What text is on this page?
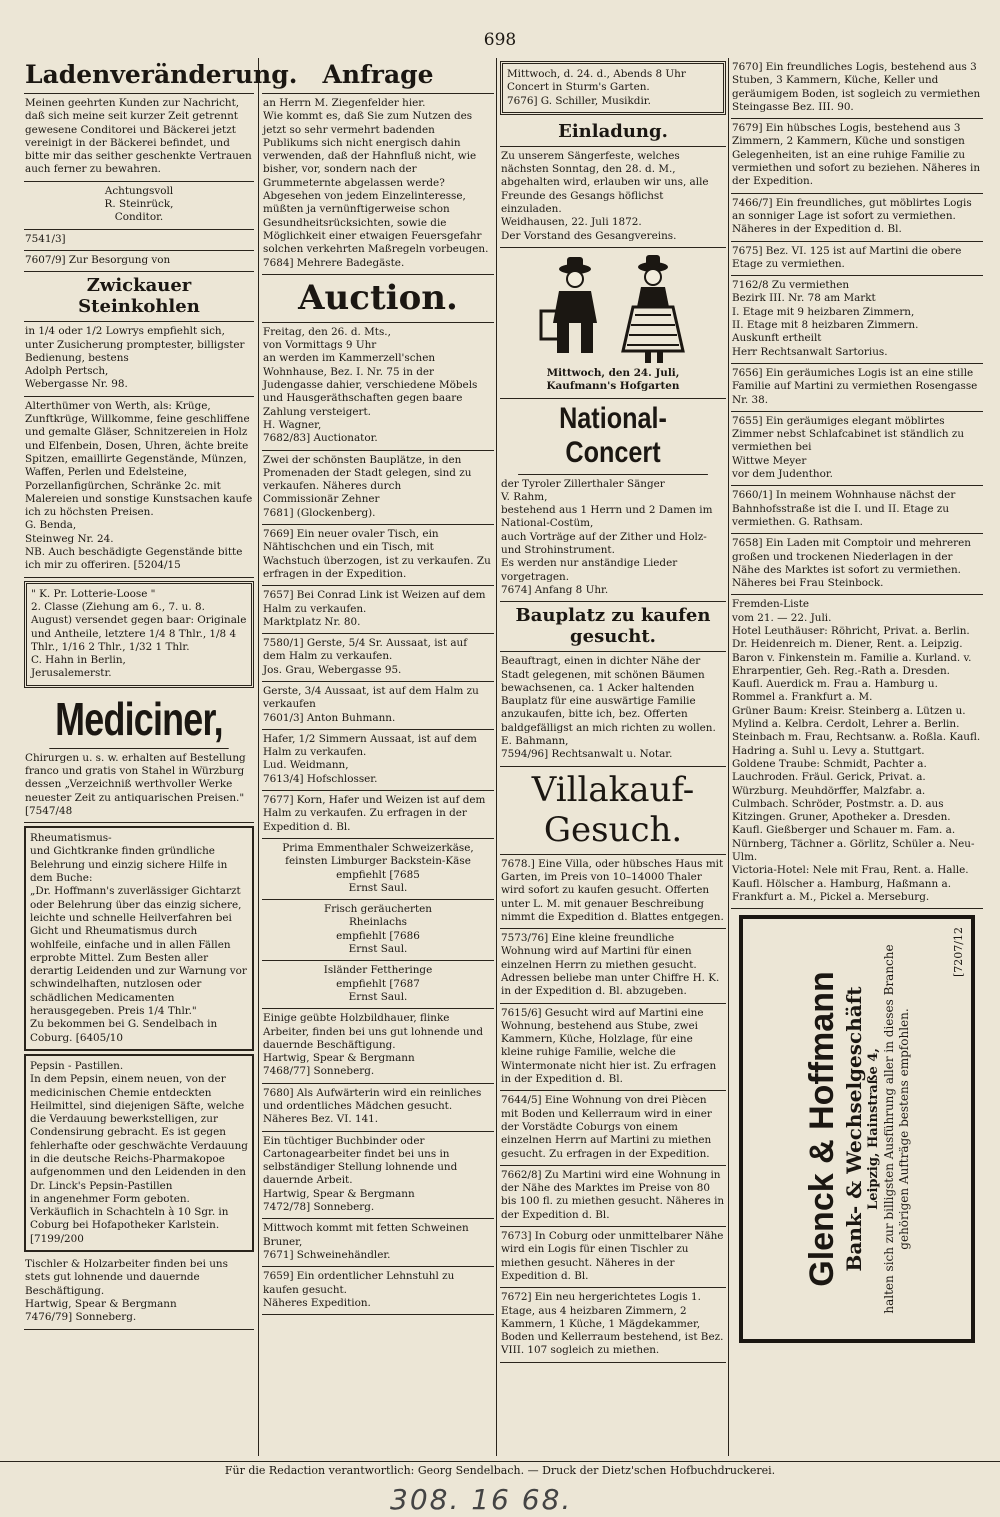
698

Ladenveränderung.

Meinen geehrten Kunden zur Nachricht, daß sich meine seit kurzer Zeit getrennt gewesene Conditorei und Bäckerei jetzt vereinigt in der Bäckerei befindet, und bitte mir das seither geschenkte Vertrauen auch ferner zu bewahren.

Achtungsvoll

R. Steinrück,

Conditor.

7541/3]

7607/9] Zur Besorgung von

Zwickauer Steinkohlen

in 1/4 oder 1/2 Lowrys empfiehlt sich, unter Zusicherung promptester, billigster Bedienung, bestens

Adolph Pertsch,

Webergasse Nr. 98.

Alterthümer von Werth, als: Krüge, Zunftkrüge, Willkomme, feine geschliffene und gemalte Gläser, Schnitzereien in Holz und Elfenbein, Dosen, Uhren, ächte breite Spitzen, emaillirte Gegenstände, Münzen, Waffen, Perlen und Edelsteine, Porzellanfigürchen, Schränke 2c. mit Malereien und sonstige Kunstsachen kaufe ich zu höchsten Preisen.

G. Benda,

Steinweg Nr. 24.

NB. Auch beschädigte Gegenstände bitte ich mir zu offeriren. [5204/15

" K. Pr. Lotterie-Loose "

2. Classe (Ziehung am 6., 7. u. 8. August) versendet gegen baar: Originale und Antheile, letztere 1/4 8 Thlr., 1/8 4 Thlr., 1/16 2 Thlr., 1/32 1 Thlr.

C. Hahn in Berlin,

Jerusalemerstr.

Mediciner,

Chirurgen u. s. w. erhalten auf Bestellung franco und gratis von Stahel in Würzburg dessen „Verzeichniß werthvoller Werke neuester Zeit zu antiquarischen Preisen." [7547/48

Rheumatismus-

und Gichtkranke finden gründliche Belehrung und einzig sichere Hilfe in dem Buche:

„Dr. Hoffmann's zuverlässiger Gichtarzt oder Belehrung über das einzig sichere, leichte und schnelle Heilverfahren bei Gicht und Rheumatismus durch wohlfeile, einfache und in allen Fällen erprobte Mittel. Zum Besten aller derartig Leidenden und zur Warnung vor schwindelhaften, nutzlosen oder schädlichen Medicamenten herausgegeben. Preis 1/4 Thlr."

Zu bekommen bei G. Sendelbach in Coburg. [6405/10

Pepsin - Pastillen.

In dem Pepsin, einem neuen, von der medicinischen Chemie entdeckten Heilmittel, sind diejenigen Säfte, welche die Verdauung bewerkstelligen, zur Condensirung gebracht. Es ist gegen fehlerhafte oder geschwächte Verdauung in die deutsche Reichs-Pharmakopoe aufgenommen und den Leidenden in den

Dr. Linck's Pepsin-Pastillen

in angenehmer Form geboten. Verkäuflich in Schachteln à 10 Sgr. in Coburg bei Hofapotheker Karlstein. [7199/200

Tischler & Holzarbeiter finden bei uns stets gut lohnende und dauernde Beschäftigung.

Hartwig, Spear & Bergmann

7476/79] Sonneberg.

Anfrage

an Herrn M. Ziegenfelder hier.

Wie kommt es, daß Sie zum Nutzen des jetzt so sehr vermehrt badenden Publikums sich nicht energisch dahin verwenden, daß der Hahnfluß nicht, wie bisher, vor, sondern nach der Grummeternte abgelassen werde?

Abgesehen von jedem Einzelinteresse, müßten ja vernünftigerweise schon Gesundheitsrücksichten, sowie die Möglichkeit einer etwaigen Feuersgefahr solchen verkehrten Maßregeln vorbeugen.

7684] Mehrere Badegäste.

Auction.

Freitag, den 26. d. Mts.,

von Vormittags 9 Uhr

an werden im Kammerzell'schen Wohnhause, Bez. I. Nr. 75 in der Judengasse dahier, verschiedene Möbels und Hausgeräthschaften gegen baare Zahlung versteigert.

H. Wagner,

7682/83] Auctionator.

Zwei der schönsten Bauplätze, in den Promenaden der Stadt gelegen, sind zu verkaufen. Näheres durch

Commissionär Zehner

7681] (Glockenberg).

7669] Ein neuer ovaler Tisch, ein Nähtischchen und ein Tisch, mit Wachstuch überzogen, ist zu verkaufen. Zu erfragen in der Expedition.

7657] Bei Conrad Link ist Weizen auf dem Halm zu verkaufen.

Marktplatz Nr. 80.

7580/1] Gerste, 5/4 Sr. Aussaat, ist auf dem Halm zu verkaufen.

Jos. Grau, Webergasse 95.

Gerste, 3/4 Aussaat, ist auf dem Halm zu verkaufen

7601/3] Anton Buhmann.

Hafer, 1/2 Simmern Aussaat, ist auf dem Halm zu verkaufen.

Lud. Weidmann,

7613/4] Hofschlosser.

7677] Korn, Hafer und Weizen ist auf dem Halm zu verkaufen. Zu erfragen in der Expedition d. Bl.

Prima Emmenthaler Schweizerkäse, feinsten Limburger Backstein-Käse

empfiehlt [7685

Ernst Saul.

Frisch geräucherten

Rheinlachs

empfiehlt [7686

Ernst Saul.

Isländer Fettheringe

empfiehlt [7687

Ernst Saul.

Einige geübte Holzbildhauer, flinke Arbeiter, finden bei uns gut lohnende und dauernde Beschäftigung.

Hartwig, Spear & Bergmann

7468/77] Sonneberg.

7680] Als Aufwärterin wird ein reinliches und ordentliches Mädchen gesucht. Näheres Bez. VI. 141.

Ein tüchtiger Buchbinder oder Cartonagearbeiter findet bei uns in selbständiger Stellung lohnende und dauernde Arbeit.

Hartwig, Spear & Bergmann

7472/78] Sonneberg.

Mittwoch kommt mit fetten Schweinen Bruner,

7671] Schweinehändler.

7659] Ein ordentlicher Lehnstuhl zu kaufen gesucht.

Näheres Expedition.

Mittwoch, d. 24. d., Abends 8 Uhr

Concert in Sturm's Garten.

7676] G. Schiller, Musikdir.

Einladung.

Zu unserem Sängerfeste, welches nächsten Sonntag, den 28. d. M., abgehalten wird, erlauben wir uns, alle Freunde des Gesangs höflichst einzuladen.

Weidhausen, 22. Juli 1872.

Der Vorstand des Gesangvereins.

Mittwoch, den 24. Juli,

Kaufmann's Hofgarten

National-Concert

der Tyroler Zillerthaler Sänger

V. Rahm,

bestehend aus 1 Herrn und 2 Damen im National-Costüm,

auch Vorträge auf der Zither und Holz- und Strohinstrument.

Es werden nur anständige Lieder vorgetragen.

7674] Anfang 8 Uhr.

Bauplatz zu kaufen gesucht.

Beauftragt, einen in dichter Nähe der Stadt gelegenen, mit schönen Bäumen bewachsenen, ca. 1 Acker haltenden Bauplatz für eine auswärtige Familie anzukaufen, bitte ich, bez. Offerten baldgefälligst an mich richten zu wollen.

E. Bahmann,

7594/96] Rechtsanwalt u. Notar.

Villakauf-Gesuch.

7678.] Eine Villa, oder hübsches Haus mit Garten, im Preis von 10–14000 Thaler wird sofort zu kaufen gesucht. Offerten unter L. M. mit genauer Beschreibung nimmt die Expedition d. Blattes entgegen.

7573/76] Eine kleine freundliche Wohnung wird auf Martini für einen einzelnen Herrn zu miethen gesucht. Adressen beliebe man unter Chiffre H. K. in der Expedition d. Bl. abzugeben.

7615/6] Gesucht wird auf Martini eine Wohnung, bestehend aus Stube, zwei Kammern, Küche, Holzlage, für eine kleine ruhige Familie, welche die Wintermonate nicht hier ist. Zu erfragen in der Expedition d. Bl.

7644/5] Eine Wohnung von drei Piècen mit Boden und Kellerraum wird in einer der Vorstädte Coburgs von einem einzelnen Herrn auf Martini zu miethen gesucht. Zu erfragen in der Expedition.

7662/8] Zu Martini wird eine Wohnung in der Nähe des Marktes im Preise von 80 bis 100 fl. zu miethen gesucht. Näheres in der Expedition d. Bl.

7673] In Coburg oder unmittelbarer Nähe wird ein Logis für einen Tischler zu miethen gesucht. Näheres in der Expedition d. Bl.

7672] Ein neu hergerichtetes Logis 1. Etage, aus 4 heizbaren Zimmern, 2 Kammern, 1 Küche, 1 Mägdekammer, Boden und Kellerraum bestehend, ist Bez. VIII. 107 sogleich zu miethen.

7670] Ein freundliches Logis, bestehend aus 3 Stuben, 3 Kammern, Küche, Keller und geräumigem Boden, ist sogleich zu vermiethen Steingasse Bez. III. 90.

7679] Ein hübsches Logis, bestehend aus 3 Zimmern, 2 Kammern, Küche und sonstigen Gelegenheiten, ist an eine ruhige Familie zu vermiethen und sofort zu beziehen. Näheres in der Expedition.

7466/7] Ein freundliches, gut möblirtes Logis an sonniger Lage ist sofort zu vermiethen. Näheres in der Expedition d. Bl.

7675] Bez. VI. 125 ist auf Martini die obere Etage zu vermiethen.

7162/8 Zu vermiethen

Bezirk III. Nr. 78 am Markt

I. Etage mit 9 heizbaren Zimmern,

II. Etage mit 8 heizbaren Zimmern.

Auskunft ertheilt

Herr Rechtsanwalt Sartorius.

7656] Ein geräumiches Logis ist an eine stille Familie auf Martini zu vermiethen Rosengasse Nr. 38.

7655] Ein geräumiges elegant möblirtes Zimmer nebst Schlafcabinet ist ständlich zu vermiethen bei

Wittwe Meyer

vor dem Judenthor.

7660/1] In meinem Wohnhause nächst der Bahnhofsstraße ist die I. und II. Etage zu vermiethen. G. Rathsam.

7658] Ein Laden mit Comptoir und mehreren großen und trockenen Niederlagen in der Nähe des Marktes ist sofort zu vermiethen. Näheres bei Frau Steinbock.

Fremden-Liste

vom 21. — 22. Juli.

Hotel Leuthäuser: Röhricht, Privat. a. Berlin. Dr. Heidenreich m. Diener, Rent. a. Leipzig. Baron v. Finkenstein m. Familie a. Kurland. v. Ehrarpentier, Geh. Reg.-Rath a. Dresden. Kaufl. Auerdick m. Frau a. Hamburg u. Rommel a. Frankfurt a. M.

Grüner Baum: Kreisr. Steinberg a. Lützen u. Mylind a. Kelbra. Cerdolt, Lehrer a. Berlin. Steinbach m. Frau, Rechtsanw. a. Roßla. Kaufl. Hadring a. Suhl u. Levy a. Stuttgart.

Goldene Traube: Schmidt, Pachter a. Lauchroden. Fräul. Gerick, Privat. a. Würzburg. Meuhdörffer, Malzfabr. a. Culmbach. Schröder, Postmstr. a. D. aus Kitzingen. Gruner, Apotheker a. Dresden. Kaufl. Gießberger und Schauer m. Fam. a. Nürnberg, Tächner a. Görlitz, Schüler a. Neu-Ulm.

Victoria-Hotel: Nele mit Frau, Rent. a. Halle. Kaufl. Hölscher a. Hamburg, Haßmann a. Frankfurt a. M., Pickel a. Merseburg.

Glenck & Hoffmann Bank- & Wechselgeschäft Leipzig, Hainstraße 4, halten sich zur billigsten Ausführung aller in dieses Branche gehörigen Aufträge bestens empfohlen.
[7207/12
Für die Redaction verantwortlich: Georg Sendelbach. — Druck der Dietz'schen Hofbuchdruckerei.
308. 16 68.
